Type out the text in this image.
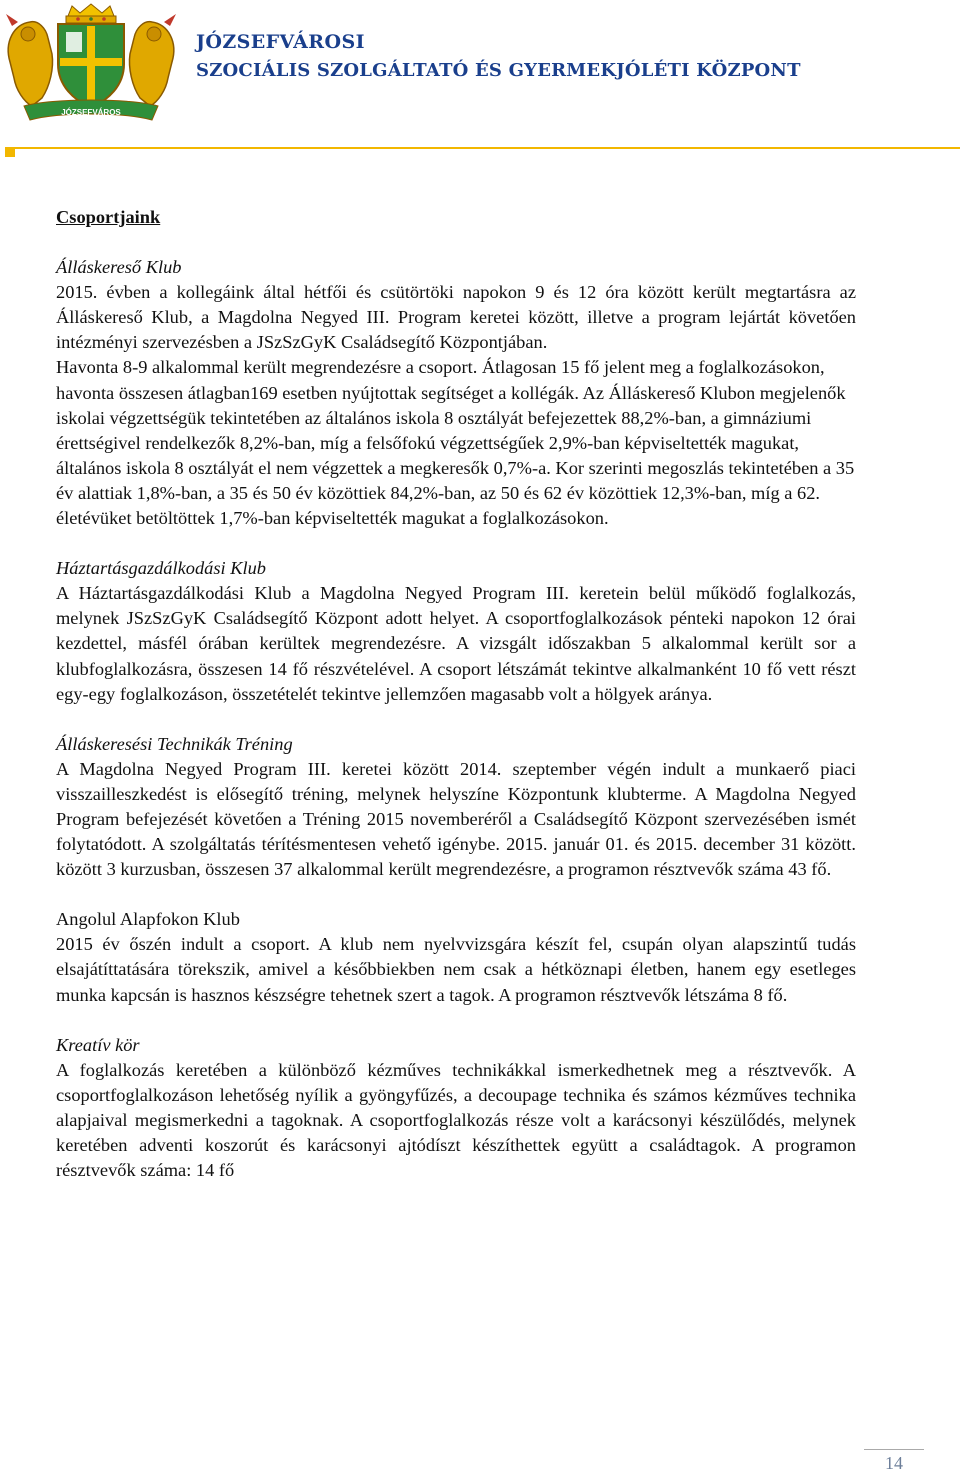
JÓZSEFVÁROS
JÓZSEFVÁROSI
SZOCIÁLIS SZOLGÁLTATÓ ÉS GYERMEKJÓLÉTI KÖZPONT

Csoportjaink

Álláskereső Klub

2015. évben a kollegáink által hétfői és csütörtöki napokon 9 és 12 óra között került megtartásra az Álláskereső Klub, a Magdolna Negyed III. Program keretei között, illetve a program lejártát követően intézményi szervezésben a JSzSzGyK Családsegítő Központjában.

Havonta 8-9 alkalommal került megrendezésre a csoport. Átlagosan 15 fő jelent meg a foglalkozásokon, havonta összesen átlagban169 esetben nyújtottak segítséget a kollégák. Az Álláskereső Klubon megjelenők iskolai végzettségük tekintetében az általános iskola 8 osztályát befejezettek 88,2%-ban, a gimnáziumi érettségivel rendelkezők 8,2%-ban, míg a felsőfokú végzettségűek 2,9%-ban képviseltették magukat, általános iskola 8 osztályát el nem végzettek a megkeresők 0,7%-a. Kor szerinti megoszlás tekintetében a 35 év alattiak 1,8%-ban, a 35 és 50 év közöttiek 84,2%-ban, az 50 és 62 év közöttiek 12,3%-ban, míg a 62. életévüket betöltöttek 1,7%-ban képviseltették magukat a foglalkozásokon.

Háztartásgazdálkodási Klub

A Háztartásgazdálkodási Klub a Magdolna Negyed Program III. keretein belül működő foglalkozás, melynek JSzSzGyK Családsegítő Központ adott helyet. A csoportfoglalkozások pénteki napokon 12 órai kezdettel, másfél órában kerültek megrendezésre. A vizsgált időszakban 5 alkalommal került sor a klubfoglalkozásra, összesen 14 fő részvételével. A csoport létszámát tekintve alkalmanként 10 fő vett részt egy-egy foglalkozáson, összetételét tekintve jellemzően magasabb volt a hölgyek aránya.

Álláskeresési Technikák Tréning

A Magdolna Negyed Program III. keretei között 2014. szeptember végén indult a munkaerő piaci visszailleszkedést is elősegítő tréning, melynek helyszíne Központunk klubterme. A Magdolna Negyed Program befejezését követően a Tréning 2015 novemberéről a Családsegítő Központ szervezésében ismét folytatódott. A szolgáltatás térítésmentesen vehető igénybe. 2015. január 01. és 2015. december 31 között. között 3 kurzusban, összesen 37 alkalommal került megrendezésre, a programon résztvevők száma 43 fő.

Angolul Alapfokon Klub

2015 év őszén indult a csoport. A klub nem nyelvvizsgára készít fel, csupán olyan alapszintű tudás elsajátíttatására törekszik, amivel a későbbiekben nem csak a hétköznapi életben, hanem egy esetleges munka kapcsán is hasznos készségre tehetnek szert a tagok. A programon résztvevők létszáma 8 fő.

Kreatív kör

A foglalkozás keretében a különböző kézműves technikákkal ismerkedhetnek meg a résztvevők. A csoportfoglalkozáson lehetőség nyílik a gyöngyfűzés, a decoupage technika és számos kézműves technika alapjaival megismerkedni a tagoknak. A csoportfoglalkozás része volt a karácsonyi készülődés, melynek keretében adventi koszorút és karácsonyi ajtódíszt készíthettek együtt a családtagok. A programon résztvevők száma: 14 fő

14
